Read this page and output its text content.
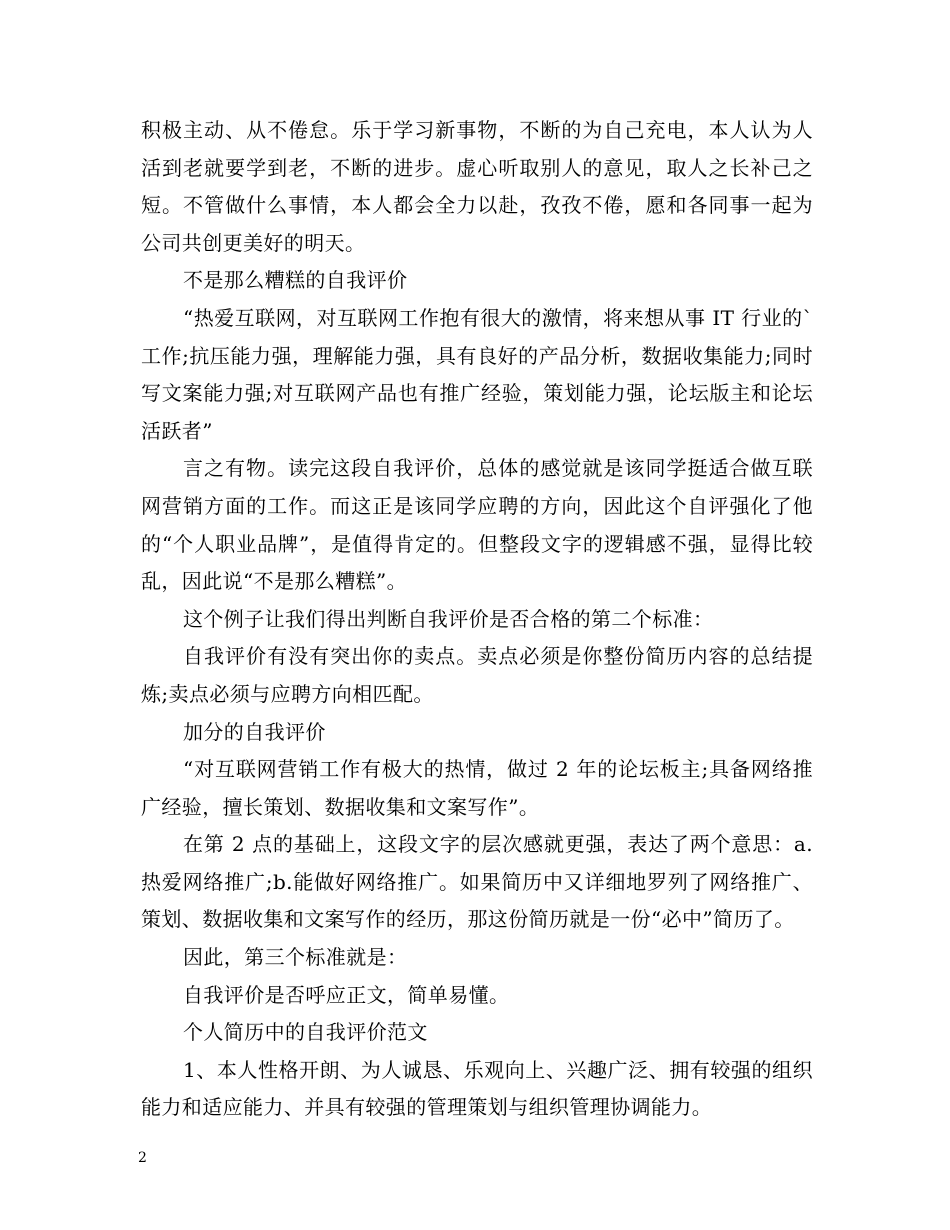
积极主动、从不倦怠。乐于学习新事物，不断的为自己充电，本人认为人活到老就要学到老，不断的进步。虚心听取别人的意见，取人之长补己之短。不管做什么事情，本人都会全力以赴，孜孜不倦，愿和各同事一起为公司共创更美好的明天。

不是那么糟糕的自我评价

“热爱互联网，对互联网工作抱有很大的激情，将来想从事 IT 行业的`工作;抗压能力强，理解能力强，具有良好的产品分析，数据收集能力;同时写文案能力强;对互联网产品也有推广经验，策划能力强，论坛版主和论坛活跃者”

言之有物。读完这段自我评价，总体的感觉就是该同学挺适合做互联网营销方面的工作。而这正是该同学应聘的方向，因此这个自评强化了他的“个人职业品牌”，是值得肯定的。但整段文字的逻辑感不强，显得比较乱，因此说“不是那么糟糕”。

这个例子让我们得出判断自我评价是否合格的第二个标准：

自我评价有没有突出你的卖点。卖点必须是你整份简历内容的总结提炼;卖点必须与应聘方向相匹配。

加分的自我评价

“对互联网营销工作有极大的热情，做过 2 年的论坛板主;具备网络推广经验，擅长策划、数据收集和文案写作”。

在第 2 点的基础上，这段文字的层次感就更强，表达了两个意思：a.热爱网络推广;b.能做好网络推广。如果简历中又详细地罗列了网络推广、策划、数据收集和文案写作的经历，那这份简历就是一份“必中”简历了。

因此，第三个标准就是：

自我评价是否呼应正文，简单易懂。

个人简历中的自我评价范文

1、本人性格开朗、为人诚恳、乐观向上、兴趣广泛、拥有较强的组织能力和适应能力、并具有较强的管理策划与组织管理协调能力。

2
